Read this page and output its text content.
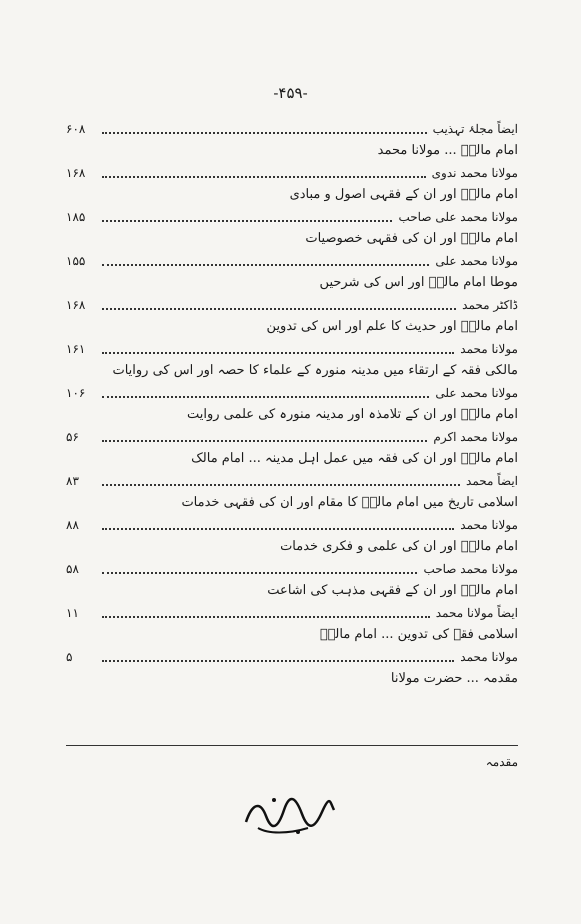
-۴۵۹-
۶۰۸	ایضاً مجلۂ تہذیب
امام مالکؒ ... مولانا محمد
۱۶۸	مولانا محمد ندوی
امام مالکؒ اور ان کے فقہی اصول و مبادی
۱۸۵	مولانا محمد علی صاحب
امام مالکؒ اور ان کی فقہی خصوصیات
۱۵۵	مولانا محمد علی
موطا امام مالکؒ اور اس کی شرحیں
۱۶۸	ڈاکٹر محمد
امام مالکؒ اور حدیث کا علم اور اس کی تدوین
۱۶۱	مولانا محمد
مالکی فقہ کے ارتقاء میں مدینہ منورہ کے علماء کا حصہ اور اس کی روایات
۱۰۶	مولانا محمد علی
امام مالکؒ اور ان کے تلامذہ اور مدینہ منورہ کی علمی روایت
۵۶	مولانا محمد اکرم
امام مالکؒ اور ان کی فقہ میں عمل اہل مدینہ ... امام مالک
۸۳	ایضاً محمد
اسلامی تاریخ میں امام مالکؒ کا مقام اور ان کی فقہی خدمات
۸۸	مولانا محمد
امام مالکؒ اور ان کی علمی و فکری خدمات
۵۸	مولانا محمد صاحب
امام مالکؒ اور ان کے فقہی مذہب کی اشاعت
۱۱	ایضاً مولانا محمد
اسلامی فقہ کی تدوین ... امام مالکؒ
۵	مولانا محمد
مقدمہ ... حضرت مولانا
مقدمہ
